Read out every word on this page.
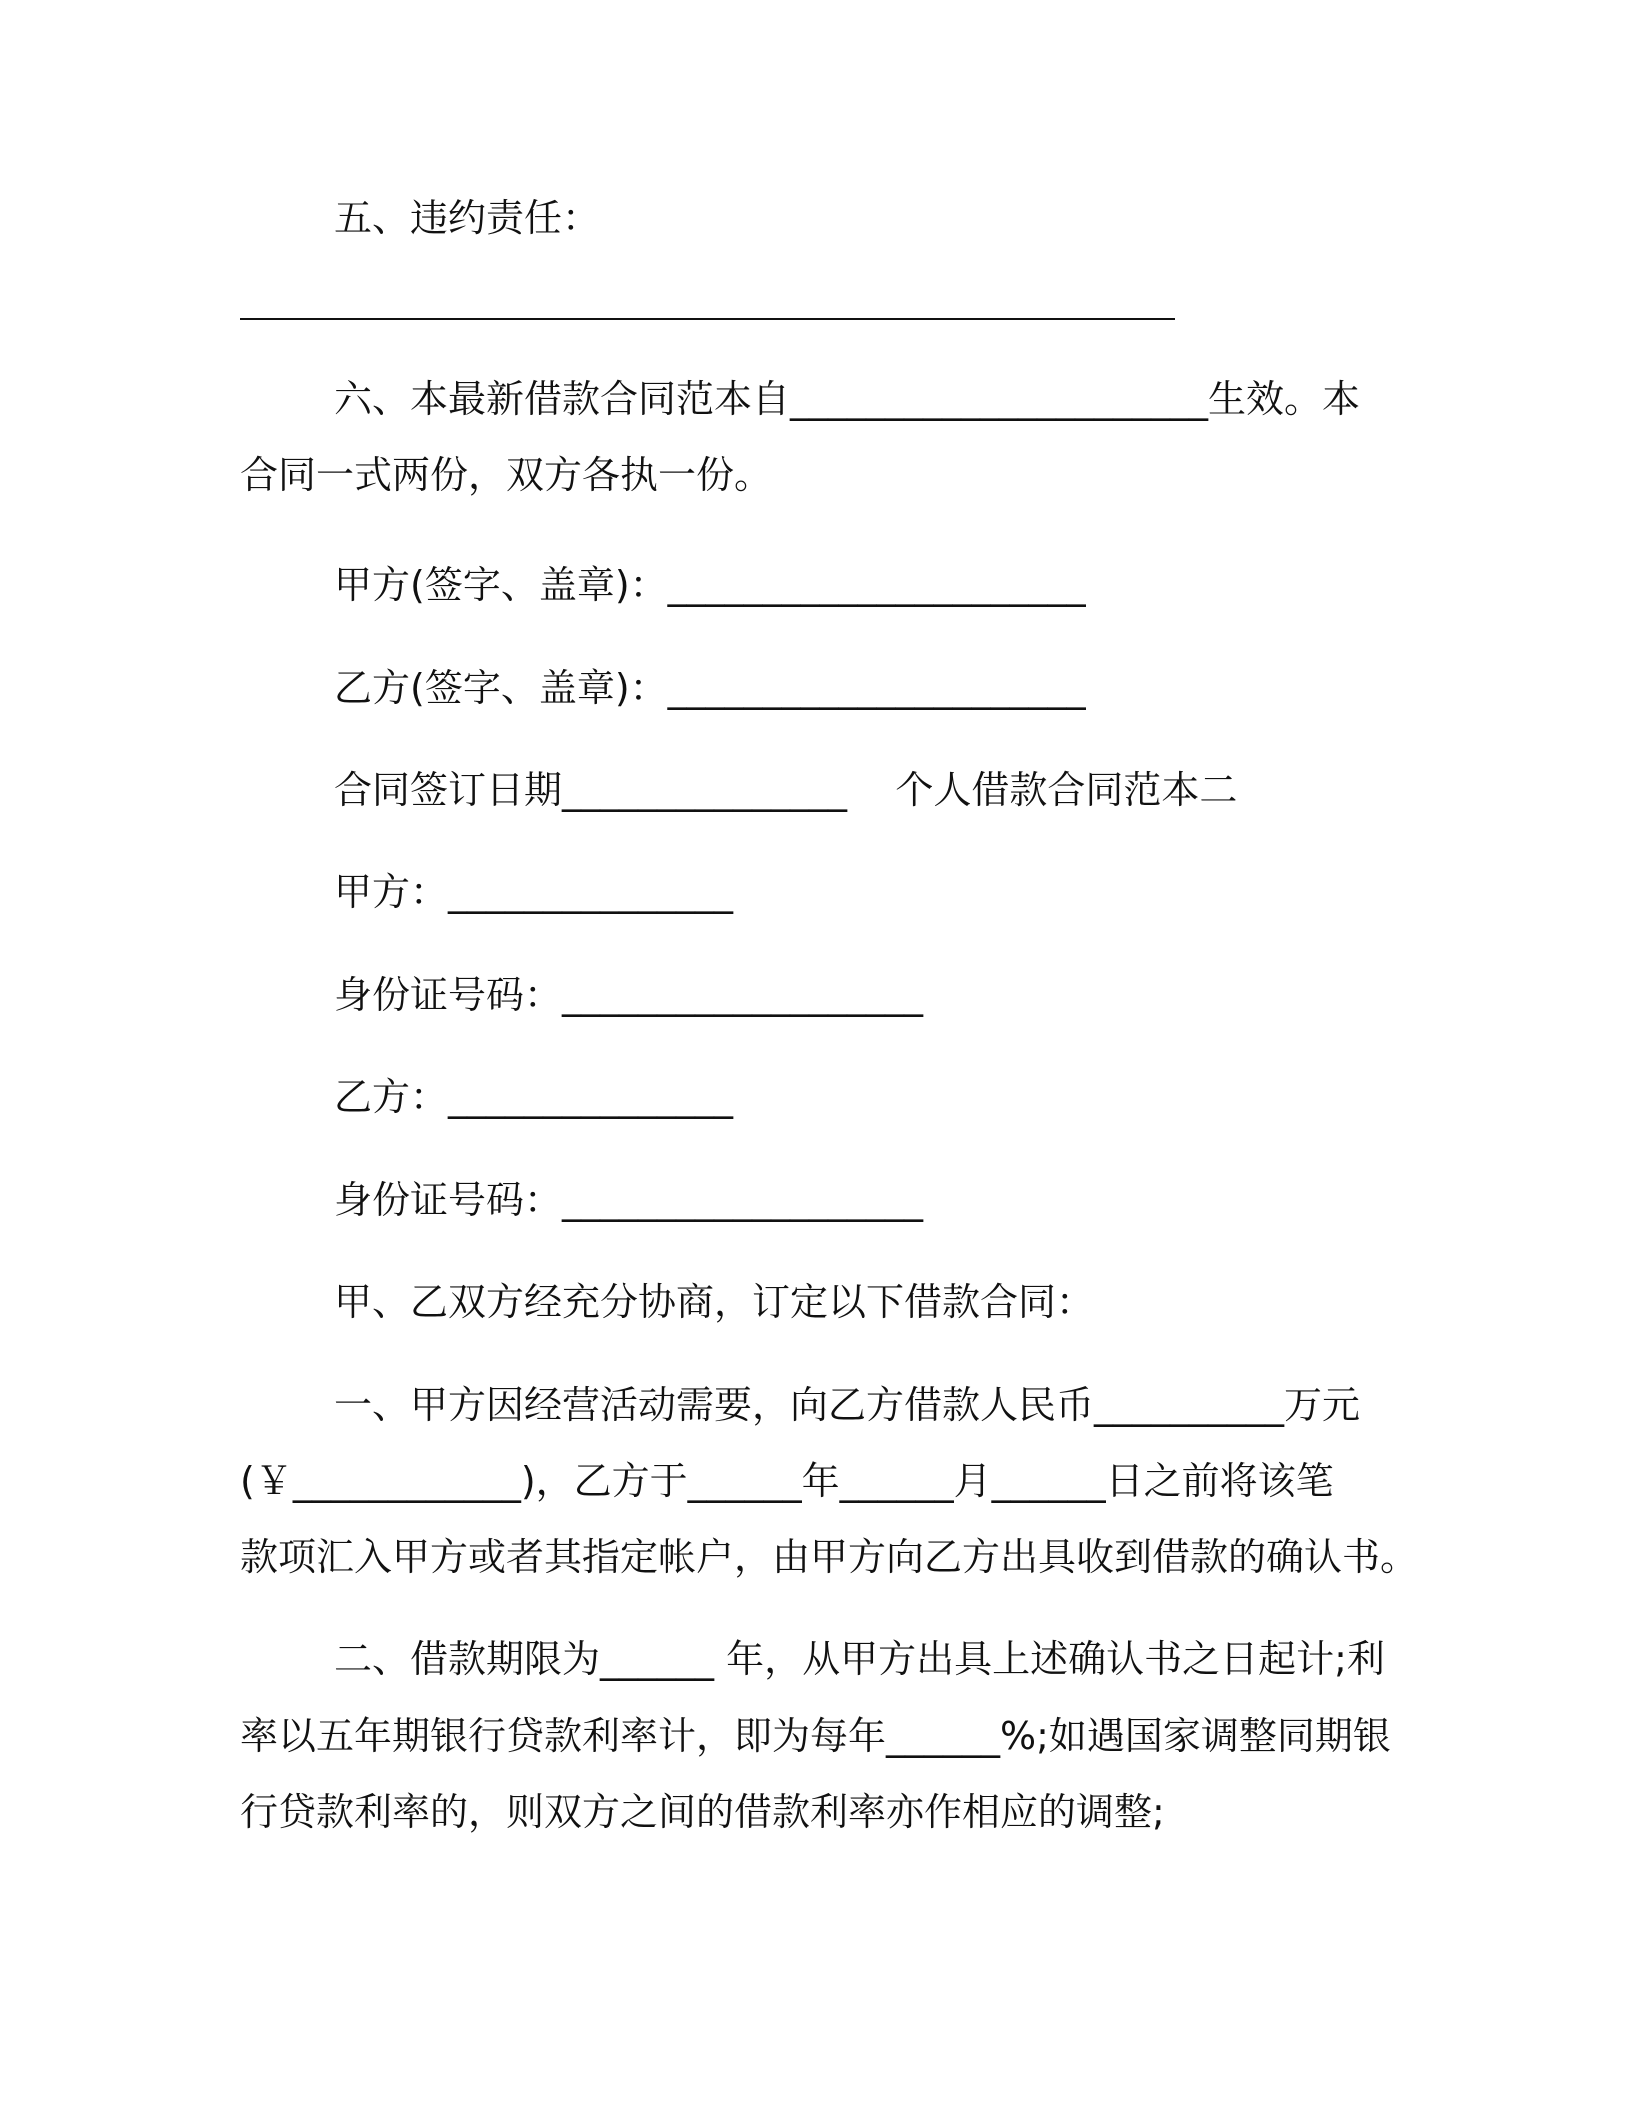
五、违约责任：

六、本最新借款合同范本自______________________生效。本

合同一式两份，双方各执一份。

甲方(签字、盖章)：______________________

乙方(签字、盖章)：______________________

合同签订日期_______________    个人借款合同范本二

甲方：_______________

身份证号码：___________________

乙方：_______________

身份证号码：___________________

甲、乙双方经充分协商，订定以下借款合同：

一、甲方因经营活动需要，向乙方借款人民币__________万元

(￥____________)，乙方于______年______月______日之前将该笔

款项汇入甲方或者其指定帐户，由甲方向乙方出具收到借款的确认书。

二、借款期限为______ 年，从甲方出具上述确认书之日起计;利

率以五年期银行贷款利率计，即为每年______%;如遇国家调整同期银

行贷款利率的，则双方之间的借款利率亦作相应的调整;
